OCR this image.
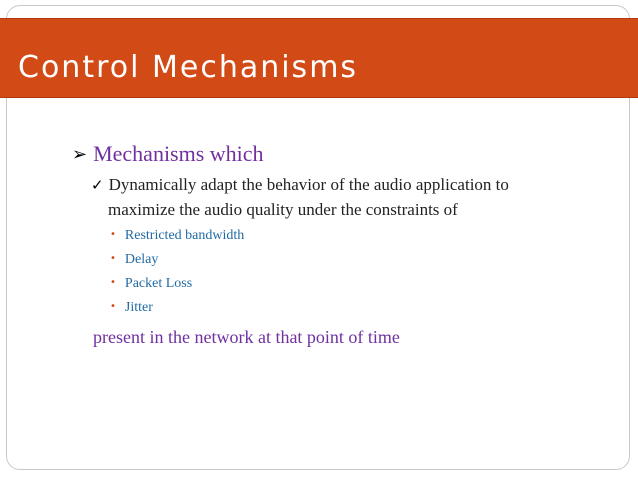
Control Mechanisms
➢ Mechanisms which
✓ Dynamically adapt the behavior of the audio application to
maximize the audio quality under the constraints of
• Restricted bandwidth
• Delay
• Packet Loss
• Jitter
present in the network at that point of time
